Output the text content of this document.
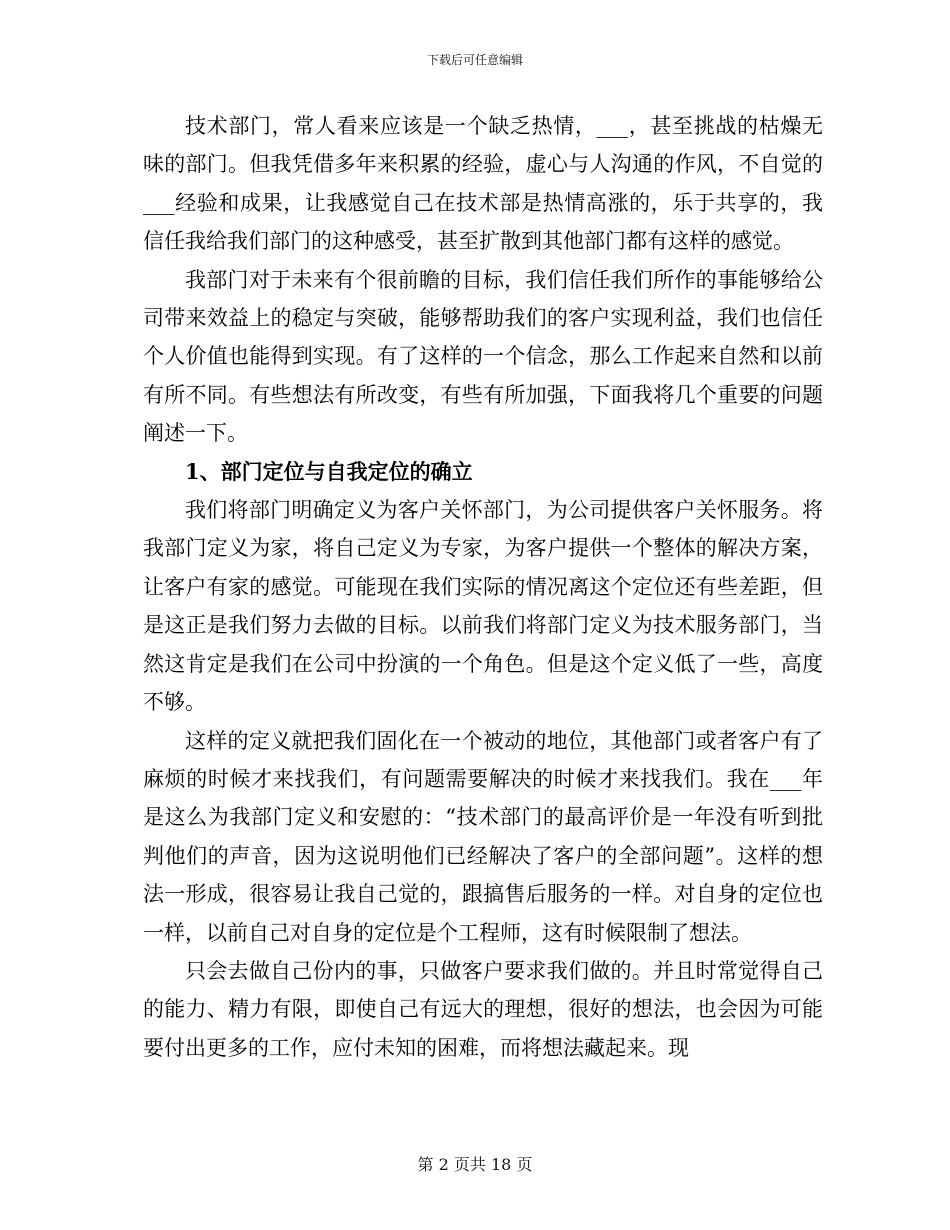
下载后可任意编辑

技术部门，常人看来应该是一个缺乏热情，___，甚至挑战的枯燥无味的部门。但我凭借多年来积累的经验，虚心与人沟通的作风，不自觉的___经验和成果，让我感觉自己在技术部是热情高涨的，乐于共享的，我信任我给我们部门的这种感受，甚至扩散到其他部门都有这样的感觉。

我部门对于未来有个很前瞻的目标，我们信任我们所作的事能够给公司带来效益上的稳定与突破，能够帮助我们的客户实现利益，我们也信任个人价值也能得到实现。有了这样的一个信念，那么工作起来自然和以前有所不同。有些想法有所改变，有些有所加强，下面我将几个重要的问题阐述一下。

1、部门定位与自我定位的确立

我们将部门明确定义为客户关怀部门，为公司提供客户关怀服务。将我部门定义为家，将自己定义为专家，为客户提供一个整体的解决方案，让客户有家的感觉。可能现在我们实际的情况离这个定位还有些差距，但是这正是我们努力去做的目标。以前我们将部门定义为技术服务部门，当然这肯定是我们在公司中扮演的一个角色。但是这个定义低了一些，高度不够。

这样的定义就把我们固化在一个被动的地位，其他部门或者客户有了麻烦的时候才来找我们，有问题需要解决的时候才来找我们。我在___年是这么为我部门定义和安慰的：“技术部门的最高评价是一年没有听到批判他们的声音，因为这说明他们已经解决了客户的全部问题”。这样的想法一形成，很容易让我自己觉的，跟搞售后服务的一样。对自身的定位也一样，以前自己对自身的定位是个工程师，这有时候限制了想法。

只会去做自己份内的事，只做客户要求我们做的。并且时常觉得自己的能力、精力有限，即使自己有远大的理想，很好的想法，也会因为可能要付出更多的工作，应付未知的困难，而将想法藏起来。现

第 2 页共 18 页
